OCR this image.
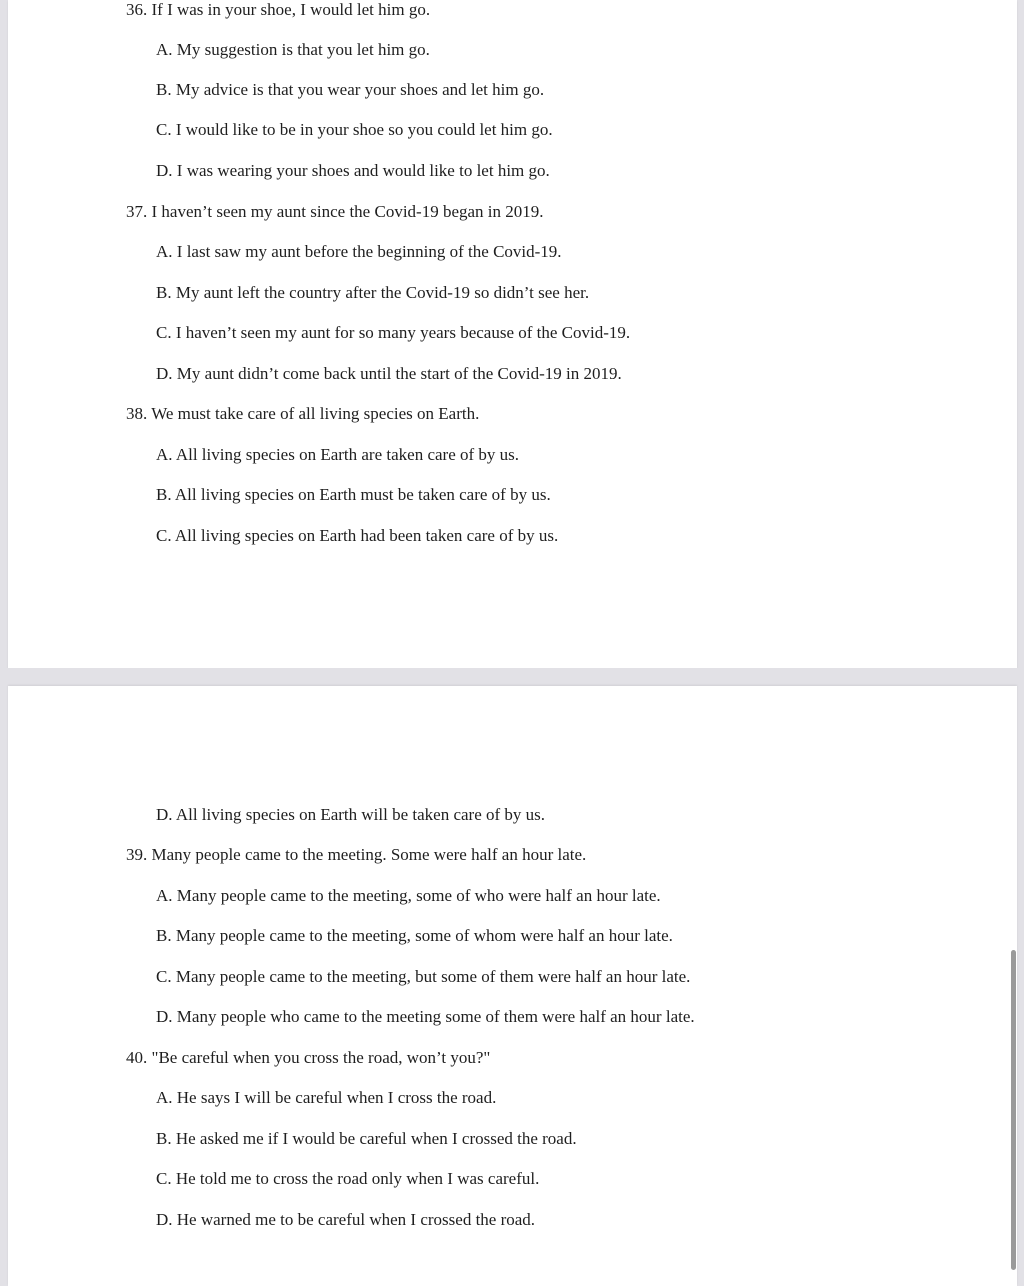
36. If I was in your shoe, I would let him go.
A. My suggestion is that you let him go.
B. My advice is that you wear your shoes and let him go.
C. I would like to be in your shoe so you could let him go.
D. I was wearing your shoes and would like to let him go.
37. I haven’t seen my aunt since the Covid-19 began in 2019.
A. I last saw my aunt before the beginning of the Covid-19.
B. My aunt left the country after the Covid-19 so didn’t see her.
C. I haven’t seen my aunt for so many years because of the Covid-19.
D. My aunt didn’t come back until the start of the Covid-19 in 2019.
38. We must take care of all living species on Earth.
A. All living species on Earth are taken care of by us.
B. All living species on Earth must be taken care of by us.
C. All living species on Earth had been taken care of by us.
D. All living species on Earth will be taken care of by us.
39. Many people came to the meeting. Some were half an hour late.
A. Many people came to the meeting, some of who were half an hour late.
B. Many people came to the meeting, some of whom were half an hour late.
C. Many people came to the meeting, but some of them were half an hour late.
D. Many people who came to the meeting some of them were half an hour late.
40. "Be careful when you cross the road, won’t you?"
A. He says I will be careful when I cross the road.
B. He asked me if I would be careful when I crossed the road.
C. He told me to cross the road only when I was careful.
D. He warned me to be careful when I crossed the road.
